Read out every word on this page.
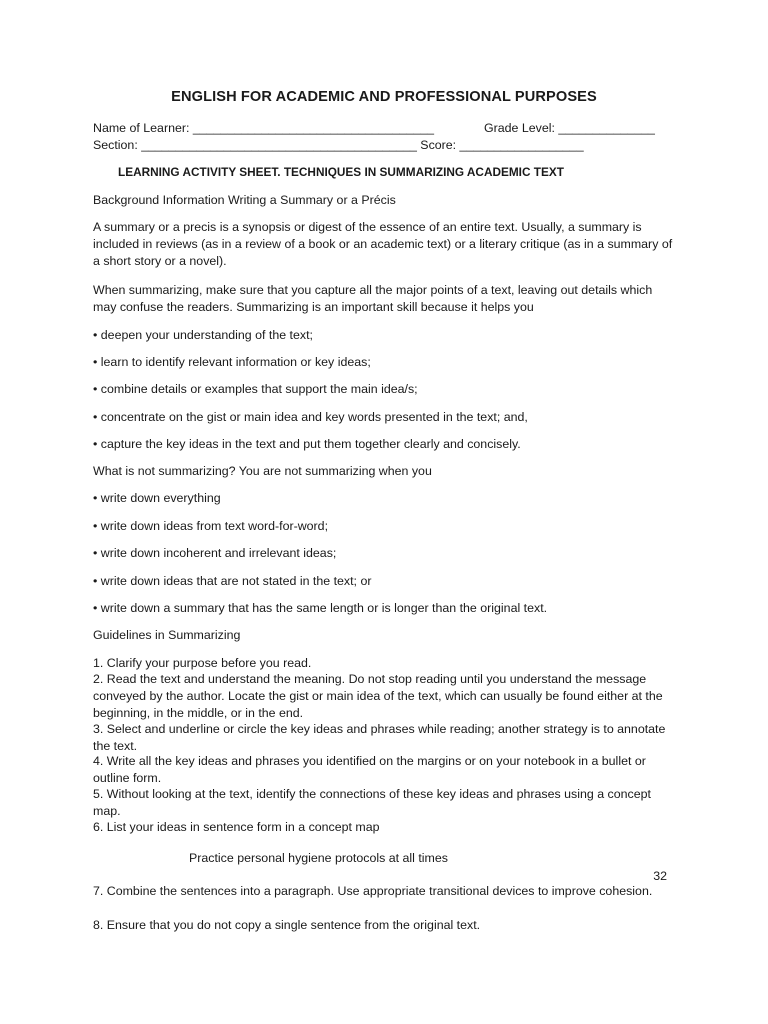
ENGLISH FOR ACADEMIC AND PROFESSIONAL PURPOSES
Name of Learner: ___________________________________	Grade Level: ______________
Section: ________________________________________ Score: __________________
LEARNING ACTIVITY SHEET. TECHNIQUES IN SUMMARIZING ACADEMIC TEXT
Background Information Writing a Summary or a Précis

A summary or a precis is a synopsis or digest of the essence of an entire text. Usually, a summary is included in reviews (as in a review of a book or an academic text) or a literary critique (as in a summary of a short story or a novel).

When summarizing, make sure that you capture all the major points of a text, leaving out details which may confuse the readers. Summarizing is an important skill because it helps you

• deepen your understanding of the text;
• learn to identify relevant information or key ideas;
• combine details or examples that support the main idea/s;
• concentrate on the gist or main idea and key words presented in the text; and,
• capture the key ideas in the text and put them together clearly and concisely.
What is not summarizing? You are not summarizing when you
• write down everything
• write down ideas from text word-for-word;
• write down incoherent and irrelevant ideas;
• write down ideas that are not stated in the text; or
• write down a summary that has the same length or is longer than the original text.
Guidelines in Summarizing
1. Clarify your purpose before you read.

2. Read the text and understand the meaning. Do not stop reading until you understand the message conveyed by the author. Locate the gist or main idea of the text, which can usually be found either at the beginning, in the middle, or in the end.

3. Select and underline or circle the key ideas and phrases while reading; another strategy is to annotate the text.

4. Write all the key ideas and phrases you identified on the margins or on your notebook in a bullet or outline form.

5. Without looking at the text, identify the connections of these key ideas and phrases using a concept map.

6. List your ideas in sentence form in a concept map
Practice personal hygiene protocols at all times
32

7. Combine the sentences into a paragraph. Use appropriate transitional devices to improve cohesion.

8. Ensure that you do not copy a single sentence from the original text.
